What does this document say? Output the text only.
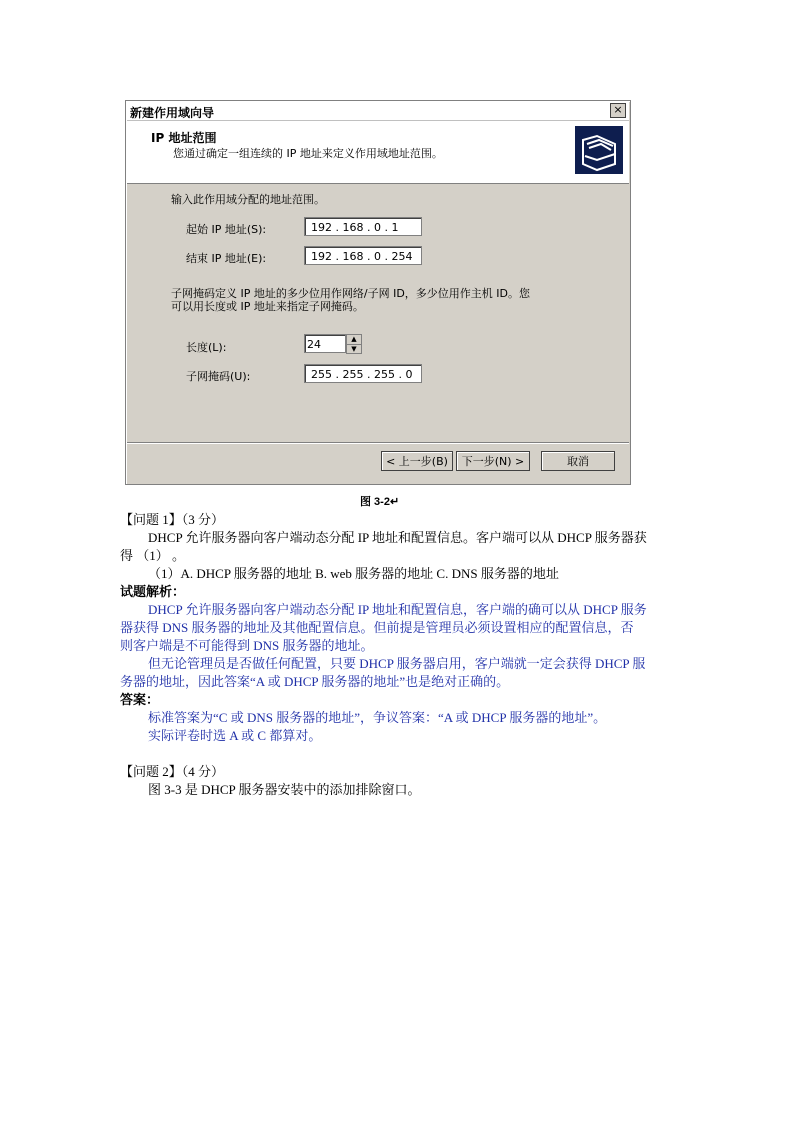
新建作用域向导	×
IP 地址范围
您通过确定一组连续的 IP 地址来定义作用域地址范围。
输入此作用域分配的地址范围。
起始 IP 地址(S):	192 . 168 . 0 . 1
结束 IP 地址(E):	192 . 168 . 0 . 254
子网掩码定义 IP 地址的多少位用作网络/子网 ID，多少位用作主机 ID。您
可以用长度或 IP 地址来指定子网掩码。
长度(L):	24	▲
▼
子网掩码(U):	255 . 255 . 255 . 0
< 上一步(B)	下一步(N) >	取消
图 3-2↵
【问题 1】（3 分）
DHCP 允许服务器向客户端动态分配 IP 地址和配置信息。客户端可以从 DHCP 服务器获
得 （1） 。
（1）A. DHCP 服务器的地址 B. web 服务器的地址 C. DNS 服务器的地址
试题解析：
DHCP 允许服务器向客户端动态分配 IP 地址和配置信息，客户端的确可以从 DHCP 服务
器获得 DNS 服务器的地址及其他配置信息。但前提是管理员必须设置相应的配置信息，否
则客户端是不可能得到 DNS 服务器的地址。
但无论管理员是否做任何配置，只要 DHCP 服务器启用，客户端就一定会获得 DHCP 服
务器的地址，因此答案“A 或 DHCP 服务器的地址”也是绝对正确的。
答案：
标准答案为“C 或 DNS 服务器的地址”，争议答案：“A 或 DHCP 服务器的地址”。
实际评卷时选 A 或 C 都算对。
【问题 2】（4 分）
图 3-3 是 DHCP 服务器安装中的添加排除窗口。
